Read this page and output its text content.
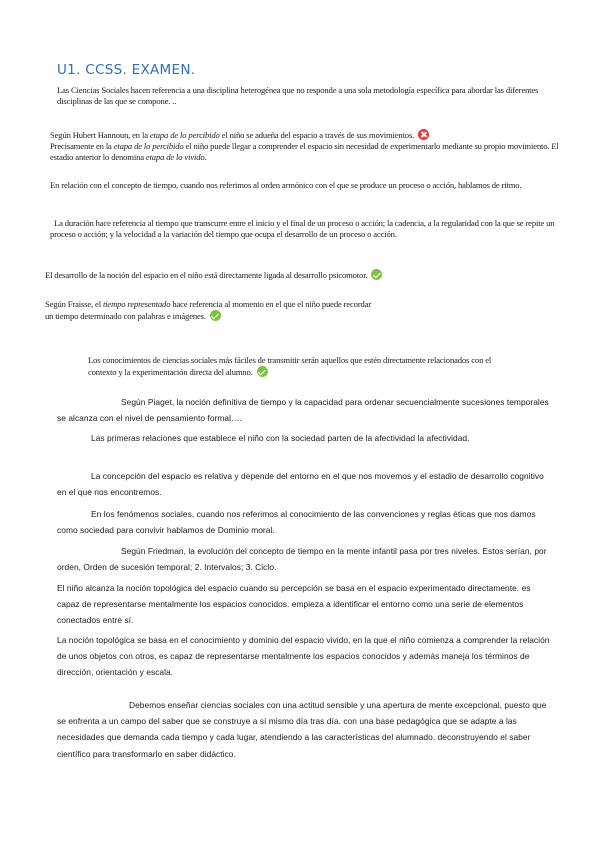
U1. CCSS. EXAMEN.

Las Ciencias Sociales hacen referencia a una disciplina heterogénea que no responde a una sola metodología específica para abordar las diferentes disciplinas de las que se compone. ..

Según Hubert Hannoun, en la etapa de lo percibido el niño se adueña del espacio a través de sus movimientos.
Precisamente en la etapa de lo percibido el niño puede llegar a comprender el espacio sin necesidad de experimentarlo mediante su propio movimiento. El estadio anterior lo denomina etapa de lo vivido.

En relación con el concepto de tiempo, cuando nos referimos al orden armónico con el que se produce un proceso o acción, hablamos de ritmo.

La duración hace referencia al tiempo que transcurre entre el inicio y el final de un proceso o acción; la cadencia, a la regularidad con la que se repite un proceso o acción; y la velocidad a la variación del tiempo que ocupa el desarrollo de un proceso o acción.

El desarrollo de la noción del espacio en el niño está directamente ligada al desarrollo psicomotor.

Según Fraisse, el tiempo representado hace referencia al momento en el que el niño puede recordar
un tiempo determinado con palabras e imágenes.

Los conocimientos de ciencias sociales más fáciles de transmitir serán aquellos que estén directamente relacionados con el contexto y la experimentación directa del alumno.

Según Piaget, la noción definitiva de tiempo y la capacidad para ordenar secuencialmente sucesiones temporales se alcanza con el nivel de pensamiento formal….

Las primeras relaciones que establece el niño con la sociedad parten de la afectividad la afectividad.

La concepción del espacio es relativa y depende del entorno en el que nos movemos y el estadio de desarrollo cognitivo en el que nos encontremos.

En los fenómenos sociales, cuando nos referimos al conocimiento de las convenciones y reglas éticas que nos damos como sociedad para convivir hablamos de Dominio moral.

Según Friedman, la evolución del concepto de tiempo en la mente infantil pasa por tres niveles. Estos serían, por orden, Orden de sucesión temporal; 2. Intervalos; 3. Ciclo.

El niño alcanza la noción topológica del espacio cuando su percepción se basa en el espacio experimentado directamente. es capaz de representarse mentalmente los espacios conocidos. empieza a identificar el entorno como una serie de elementos conectados entre sí.

La noción topológica se basa en el conocimiento y dominio del espacio vivido, en la que el niño comienza a comprender la relación de unos objetos con otros, es capaz de representarse mentalmente los espacios conocidos y además maneja los términos de dirección, orientación y escala.

Debemos enseñar ciencias sociales con una actitud sensible y una apertura de mente excepcional, puesto que se enfrenta a un campo del saber que se construye a sí mismo día tras día. con una base pedagógica que se adapte a las necesidades que demanda cada tiempo y cada lugar, atendiendo a las características del alumnado. deconstruyendo el saber científico para transformarlo en saber didáctico.
